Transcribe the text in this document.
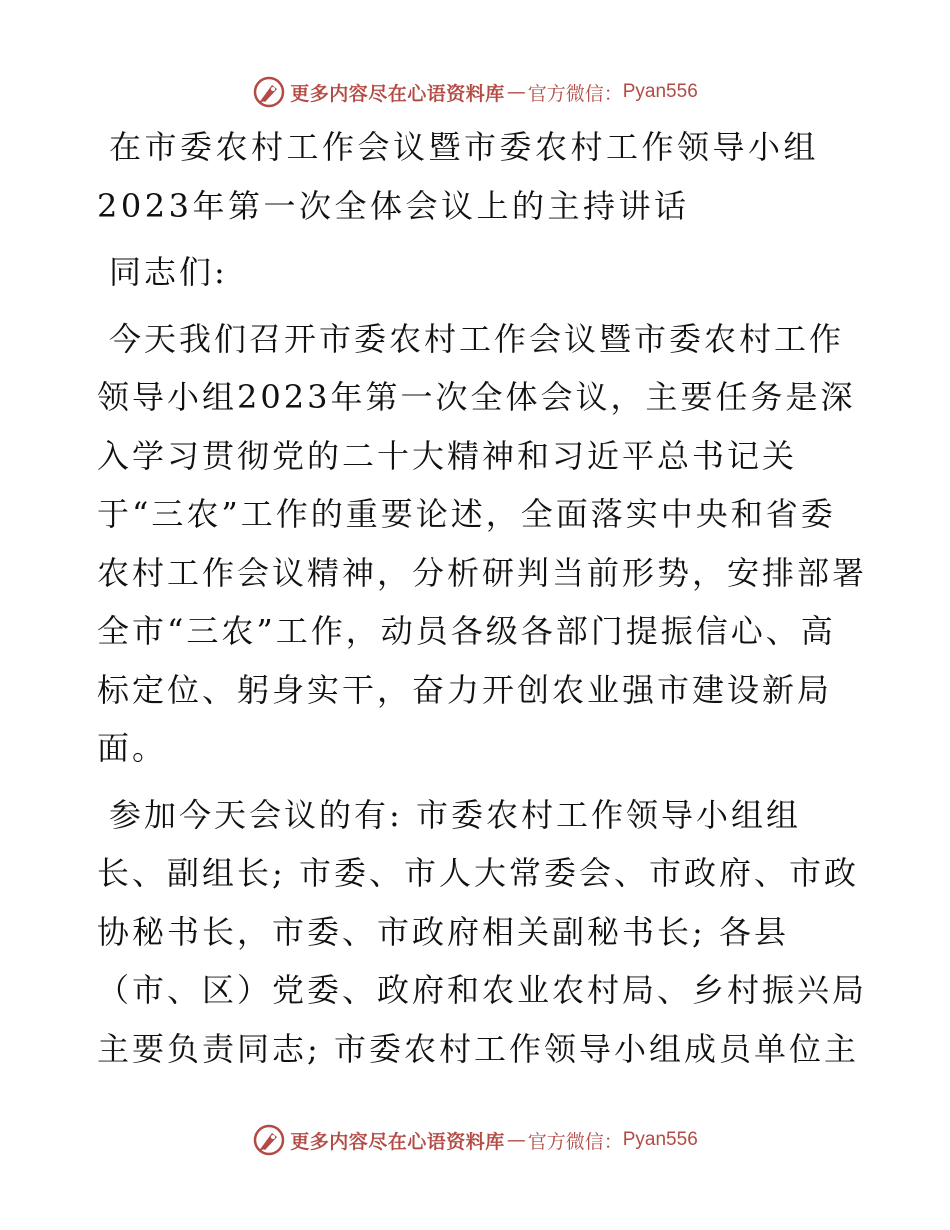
更多内容尽在心语资料库 — 官方微信： Pyan556
在市委农村工作会议暨市委农村工作领导小组
2023年第一次全体会议上的主持讲话
同志们:
今天我们召开市委农村工作会议暨市委农村工作
领导小组2023年第一次全体会议，主要任务是深
入学习贯彻党的二十大精神和习近平总书记关
于“三农”工作的重要论述，全面落实中央和省委
农村工作会议精神，分析研判当前形势，安排部署
全市“三农”工作，动员各级各部门提振信心、高
标定位、躬身实干，奋力开创农业强市建设新局
面。
参加今天会议的有: 市委农村工作领导小组组
长、副组长; 市委、市人大常委会、市政府、市政
协秘书长，市委、市政府相关副秘书长; 各县
（市、区）党委、政府和农业农村局、乡村振兴局
主要负责同志; 市委农村工作领导小组成员单位主
更多内容尽在心语资料库 — 官方微信： Pyan556
